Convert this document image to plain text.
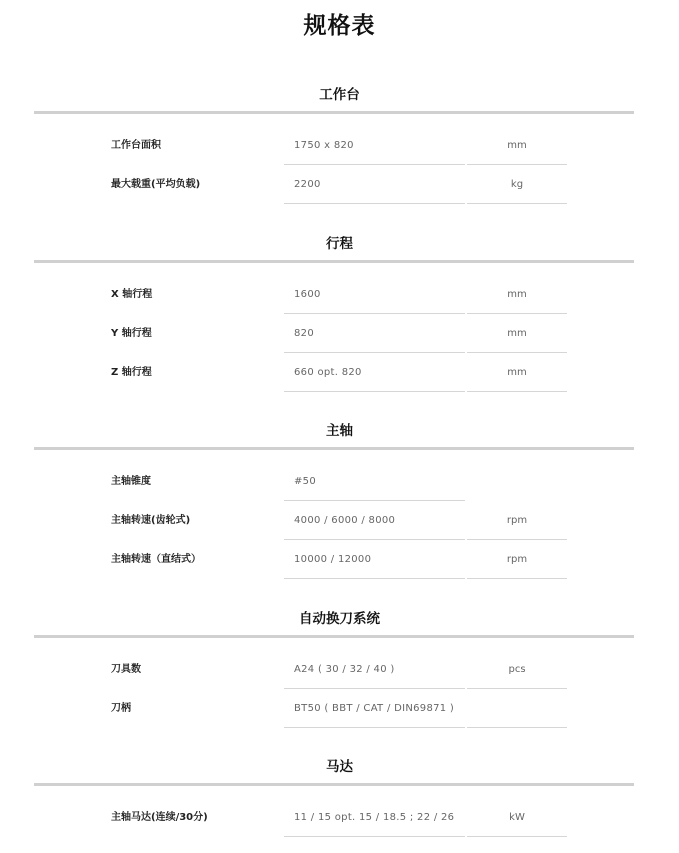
规格表
工作台
工作台面积	1750 x 820	mm
最大载重(平均负载)	2200	kg
行程
X 轴行程	1600	mm
Y 轴行程	820	mm
Z 轴行程	660 opt. 820	mm
主轴
主轴锥度	#50
主轴转速(齿轮式)	4000 / 6000 / 8000	rpm
主轴转速（直结式）	10000 / 12000	rpm
自动换刀系统
刀具数	A24 ( 30 / 32 / 40 )	pcs
刀柄	BT50 ( BBT / CAT / DIN69871 )
马达
主轴马达(连续/30分)	11 / 15 opt. 15 / 18.5 ; 22 / 26	kW
